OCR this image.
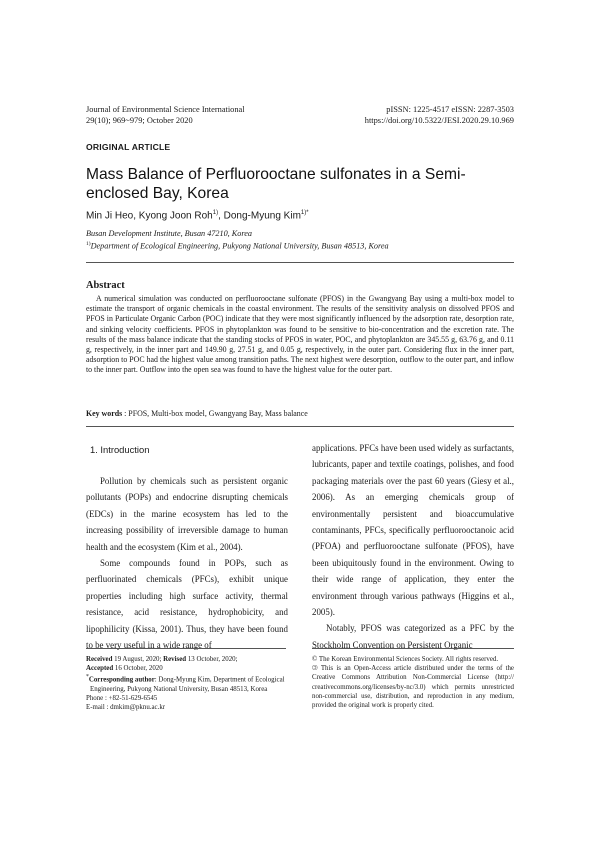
Journal of Environmental Science International
29(10); 969~979; October 2020
pISSN: 1225-4517 eISSN: 2287-3503
https://doi.org/10.5322/JESI.2020.29.10.969
ORIGINAL ARTICLE
Mass Balance of Perfluorooctane sulfonates in a Semi-enclosed Bay, Korea
Min Ji Heo, Kyong Joon Roh$^{1)}$, Dong-Myung Kim$^{1)*}$
Busan Development Institute, Busan 47210, Korea
$^{1)}$Department of Ecological Engineering, Pukyong National University, Busan 48513, Korea
Abstract
A numerical simulation was conducted on perfluorooctane sulfonate (PFOS) in the Gwangyang Bay using a multi-box model to estimate the transport of organic chemicals in the coastal environment. The results of the sensitivity analysis on dissolved PFOS and PFOS in Particulate Organic Carbon (POC) indicate that they were most significantly influenced by the adsorption rate, desorption rate, and sinking velocity coefficients. PFOS in phytoplankton was found to be sensitive to bio-concentration and the excretion rate. The results of the mass balance indicate that the standing stocks of PFOS in water, POC, and phytoplankton are 345.55 g, 63.76 g, and 0.11 g, respectively, in the inner part and 149.90 g, 27.51 g, and 0.05 g, respectively, in the outer part. Considering flux in the inner part, adsorption to POC had the highest value among transition paths. The next highest were desorption, outflow to the outer part, and inflow to the inner part. Outflow into the open sea was found to have the highest value for the outer part.
Key words : PFOS, Multi-box model, Gwangyang Bay, Mass balance
1. Introduction

Pollution by chemicals such as persistent organic pollutants (POPs) and endocrine disrupting chemicals (EDCs) in the marine ecosystem has led to the increasing possibility of irreversible damage to human health and the ecosystem (Kim et al., 2004).

Some compounds found in POPs, such as perfluorinated chemicals (PFCs), exhibit unique properties including high surface activity, thermal resistance, acid resistance, hydrophobicity, and lipophilicity (Kissa, 2001). Thus, they have been found to be very useful in a wide range of

applications. PFCs have been used widely as surfactants, lubricants, paper and textile coatings, polishes, and food packaging materials over the past 60 years (Giesy et al., 2006). As an emerging chemicals group of environmentally persistent and bioaccumulative contaminants, PFCs, specifically perfluorooctanoic acid (PFOA) and perfluorooctane sulfonate (PFOS), have been ubiquitously found in the environment. Owing to their wide range of application, they enter the environment through various pathways (Higgins et al., 2005).

Notably, PFOS was categorized as a PFC by the Stockholm Convention on Persistent Organic

Received 19 August, 2020; Revised 13 October, 2020;
Accepted 16 October, 2020
*Corresponding author: Dong-Myung Kim, Department of Ecological
Engineering, Pukyong National University, Busan 48513, Korea
Phone : +82-51-629-6545
E-mail : dmkim@pknu.ac.kr
© The Korean Environmental Sciences Society. All rights reserved.
🄯 This is an Open-Access article distributed under the terms of the Creative Commons Attribution Non-Commercial License (http:// creativecommons.org/licenses/by-nc/3.0) which permits unrestricted non-commercial use, distribution, and reproduction in any medium, provided the original work is properly cited.
